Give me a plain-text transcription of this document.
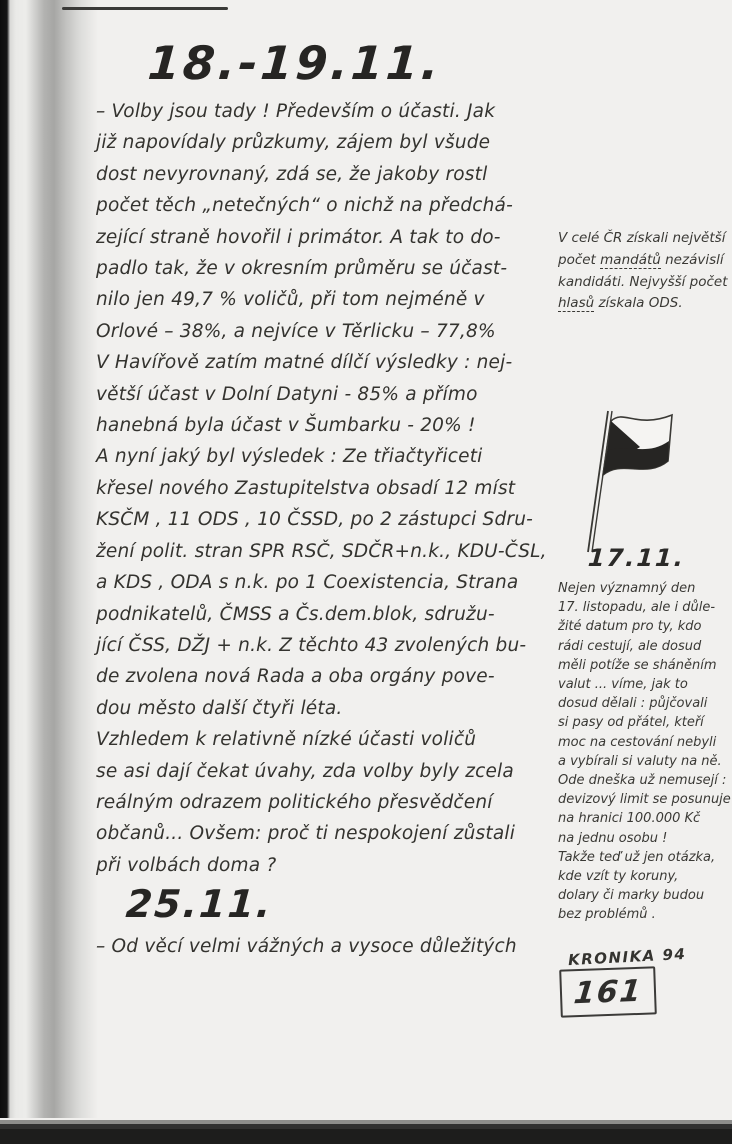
18.-19.11.
– Volby jsou tady ! Především o účasti. Jak
již napovídaly průzkumy, zájem byl všude
dost nevyrovnaný, zdá se, že jakoby rostl
počet těch „netečných“ o nichž na předchá-
zející straně hovořil i primátor. A tak to do-
padlo tak, že v okresním průměru se účast-
nilo jen 49,7 % voličů, při tom nejméně v
Orlové – 38%, a nejvíce v Těrlicku – 77,8%
V Havířově zatím matné dílčí výsledky : nej-
větší účast v Dolní Datyni - 85% a přímo
hanebná byla účast v Šumbarku - 20% !
A nyní jaký byl výsledek : Ze třiačtyřiceti
křesel nového Zastupitelstva obsadí 12 míst
KSČM , 11 ODS , 10 ČSSD, po 2 zástupci Sdru-
žení polit. stran SPR RSČ, SDČR+n.k., KDU-ČSL,
a KDS , ODA s n.k. po 1 Coexistencia, Strana
podnikatelů, ČMSS a Čs.dem.blok, sdružu-
jící ČSS, DŽJ + n.k. Z těchto 43 zvolených bu-
de zvolena nová Rada a oba orgány pove-
dou město další čtyři léta.
Vzhledem k relativně nízké účasti voličů
se asi dají čekat úvahy, zda volby byly zcela
reálným odrazem politického přesvědčení
občanů... Ovšem: proč ti nespokojení zůstali
při volbách doma ?
25.11.
– Od věcí velmi vážných a vysoce důležitých
V celé ČR získali největší
počet mandátů nezávislí
kandidáti. Nejvyšší počet
hlasů získala ODS.
17.11.
Nejen významný den
17. listopadu, ale i důle-
žité datum pro ty, kdo
rádi cestují, ale dosud
měli potíže se sháněním
valut ... víme, jak to
dosud dělali : půjčovali
si pasy od přátel, kteří
moc na cestování nebyli
a vybírali si valuty na ně.
Ode dneška už nemusejí :
devizový limit se posunuje
na hranici 100.000 Kč
na jednu osobu !
Takže teď už jen otázka,
kde vzít ty koruny,
dolary či marky budou
bez problémů .
KRONIKA 94
161
